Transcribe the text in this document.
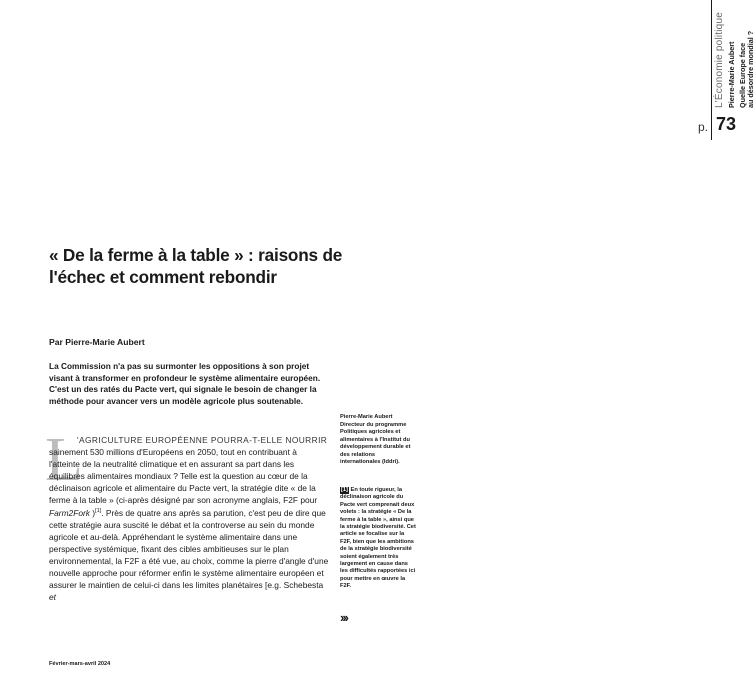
L'Économie politique Pierre-Marie Aubert Quelle Europe face au désordre mondial ?
p. 73
« De la ferme à la table » : raisons de l'échec et comment rebondir
Par Pierre-Marie Aubert

La Commission n'a pas su surmonter les oppositions à son projet visant à transformer en profondeur le système alimentaire européen. C'est un des ratés du Pacte vert, qui signale le besoin de changer la méthode pour avancer vers un modèle agricole plus soutenable.

L

'AGRICULTURE EUROPÉENNE POURRA-T-ELLE NOURRIR sainement 530 millions d'Européens en 2050, tout en contribuant à l'atteinte de la neutralité climatique et en assurant sa part dans les équilibres alimentaires mondiaux ? Telle est la question au cœur de la déclinaison agricole et alimentaire du Pacte vert, la stratégie dite « de la ferme à la table » (ci-après désigné par son acronyme anglais, F2F pour Farm2Fork )[1]. Près de quatre ans après sa parution, c'est peu de dire que cette stratégie aura suscité le débat et la controverse au sein du monde agricole et au-delà. Appréhendant le système alimentaire dans une perspective systémique, fixant des cibles ambitieuses sur le plan environnemental, la F2F a été vue, au choix, comme la pierre d'angle d'une nouvelle approche pour réformer enfin le système alimentaire européen et assurer le maintien de celui-ci dans les limites planétaires [e.g. Schebesta et

Pierre-Marie Aubert
Directeur du programme Politiques agricoles et alimentaires à l'Institut du développement durable et des relations internationales (Iddri).

[1] En toute rigueur, la déclinaison agricole du Pacte vert comprenait deux volets : la stratégie « De la ferme à la table », ainsi que la stratégie biodiversité. Cet article se focalise sur la F2F, bien que les ambitions de la stratégie biodiversité soient également très largement en cause dans les difficultés rapportées ici pour mettre en œuvre la F2F.

›››
Février-mars-avril 2024
